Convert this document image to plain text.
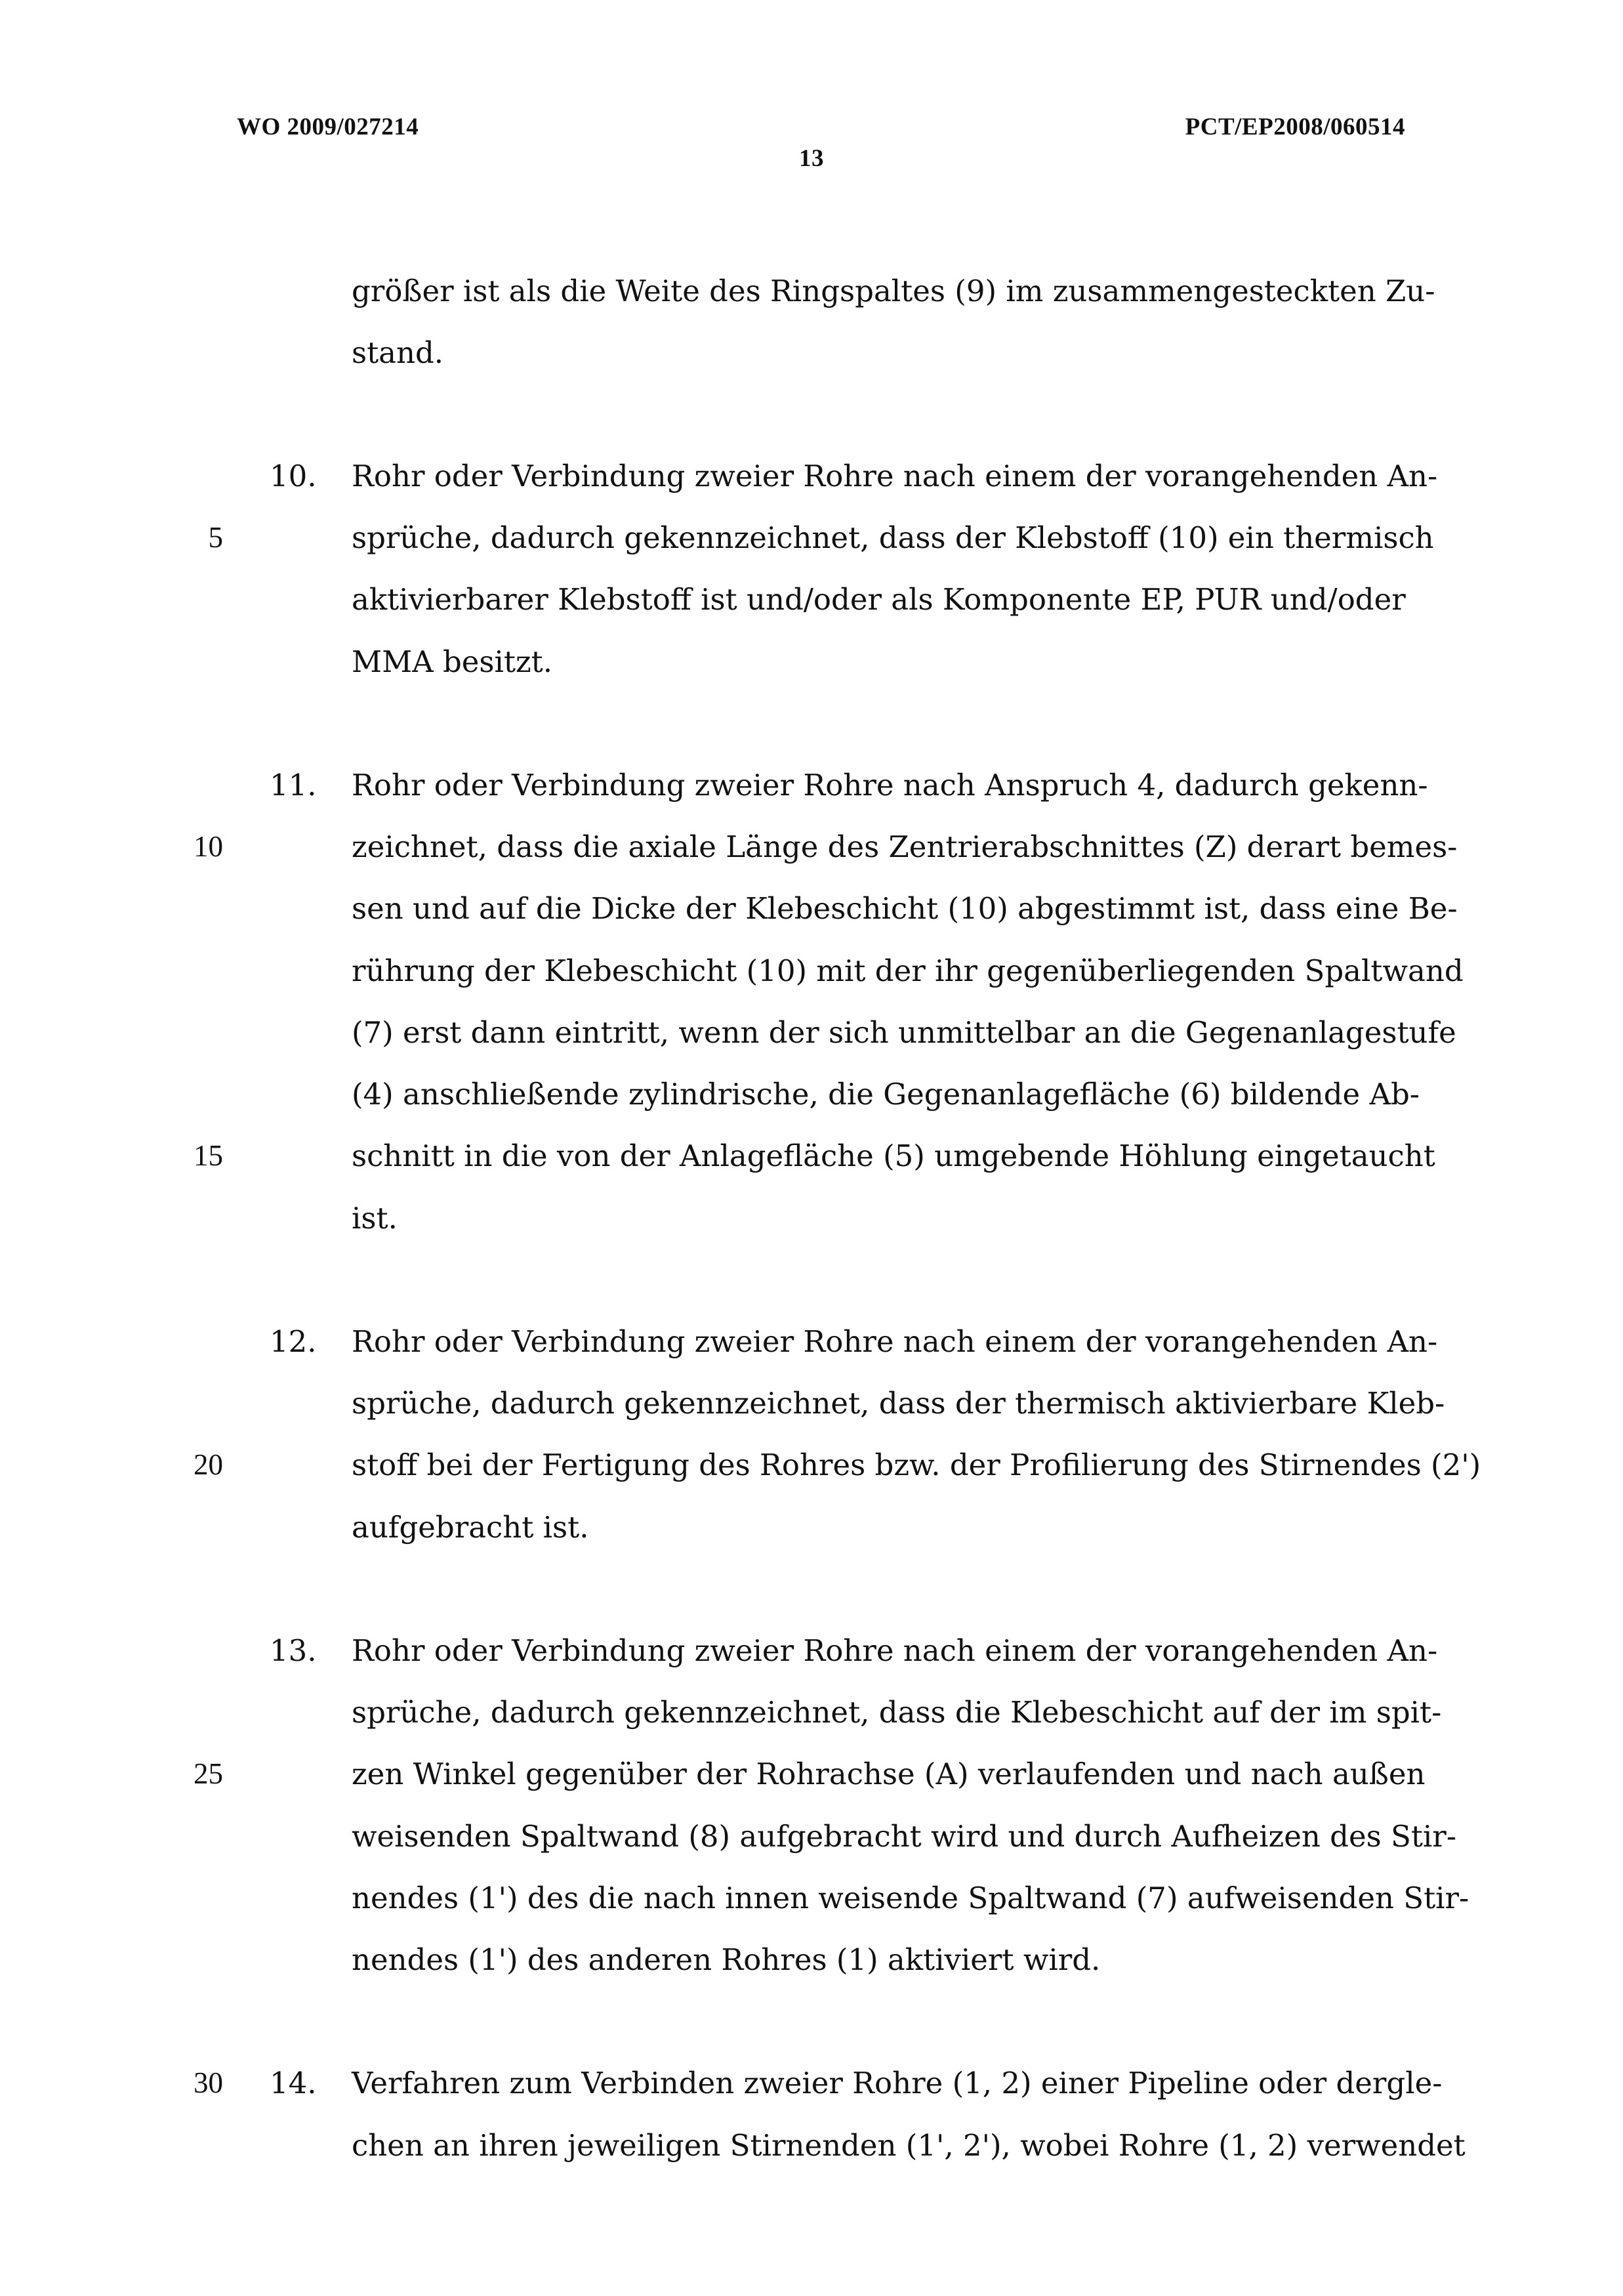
WO 2009/027214	PCT/EP2008/060514
13
5
10
15
20
25
30
größer ist als die Weite des Ringspaltes (9) im zusammengesteckten Zu-
stand.
10. Rohr oder Verbindung zweier Rohre nach einem der vorangehenden An-
sprüche, dadurch gekennzeichnet, dass der Klebstoff (10) ein thermisch
aktivierbarer Klebstoff ist und/oder als Komponente EP, PUR und/oder
MMA besitzt.
11. Rohr oder Verbindung zweier Rohre nach Anspruch 4, dadurch gekenn-
zeichnet, dass die axiale Länge des Zentrierabschnittes (Z) derart bemes-
sen und auf die Dicke der Klebeschicht (10) abgestimmt ist, dass eine Be-
rührung der Klebeschicht (10) mit der ihr gegenüberliegenden Spaltwand
(7) erst dann eintritt, wenn der sich unmittelbar an die Gegenanlagestufe
(4) anschließende zylindrische, die Gegenanlagefläche (6) bildende Ab-
schnitt in die von der Anlagefläche (5) umgebende Höhlung eingetaucht
ist.
12. Rohr oder Verbindung zweier Rohre nach einem der vorangehenden An-
sprüche, dadurch gekennzeichnet, dass der thermisch aktivierbare Kleb-
stoff bei der Fertigung des Rohres bzw. der Profilierung des Stirnendes (2')
aufgebracht ist.
13. Rohr oder Verbindung zweier Rohre nach einem der vorangehenden An-
sprüche, dadurch gekennzeichnet, dass die Klebeschicht auf der im spit-
zen Winkel gegenüber der Rohrachse (A) verlaufenden und nach außen
weisenden Spaltwand (8) aufgebracht wird und durch Aufheizen des Stir-
nendes (1') des die nach innen weisende Spaltwand (7) aufweisenden Stir-
nendes (1') des anderen Rohres (1) aktiviert wird.
14. Verfahren zum Verbinden zweier Rohre (1, 2) einer Pipeline oder dergle-
chen an ihren jeweiligen Stirnenden (1', 2'), wobei Rohre (1, 2) verwendet
